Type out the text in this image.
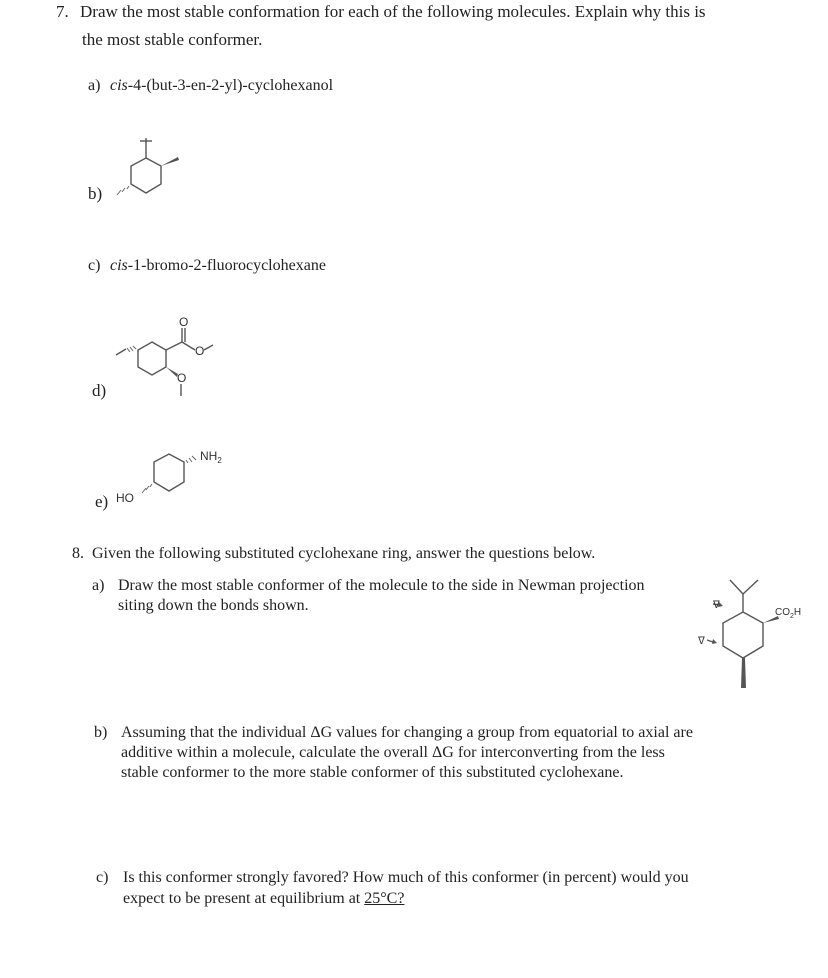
7. Draw the most stable conformation for each of the following molecules. Explain why this is
the most stable conformer.
a) cis-4-(but-3-en-2-yl)-cyclohexanol
b)
c) cis-1-bromo-2-fluorocyclohexane
d)
O
O
O
e) HO
$NH_2$
8. Given the following substituted cyclohexane ring, answer the questions below.
a) Draw the most stable conformer of the molecule to the side in Newman projection
siting down the bonds shown.	$CO_2H$
ᐁ
ᐁ
b) Assuming that the individual ΔG values for changing a group from equatorial to axial are
additive within a molecule, calculate the overall ΔG for interconverting from the less
stable conformer to the more stable conformer of this substituted cyclohexane.
c) Is this conformer strongly favored? How much of this conformer (in percent) would you
expect to be present at equilibrium at 25°C?
